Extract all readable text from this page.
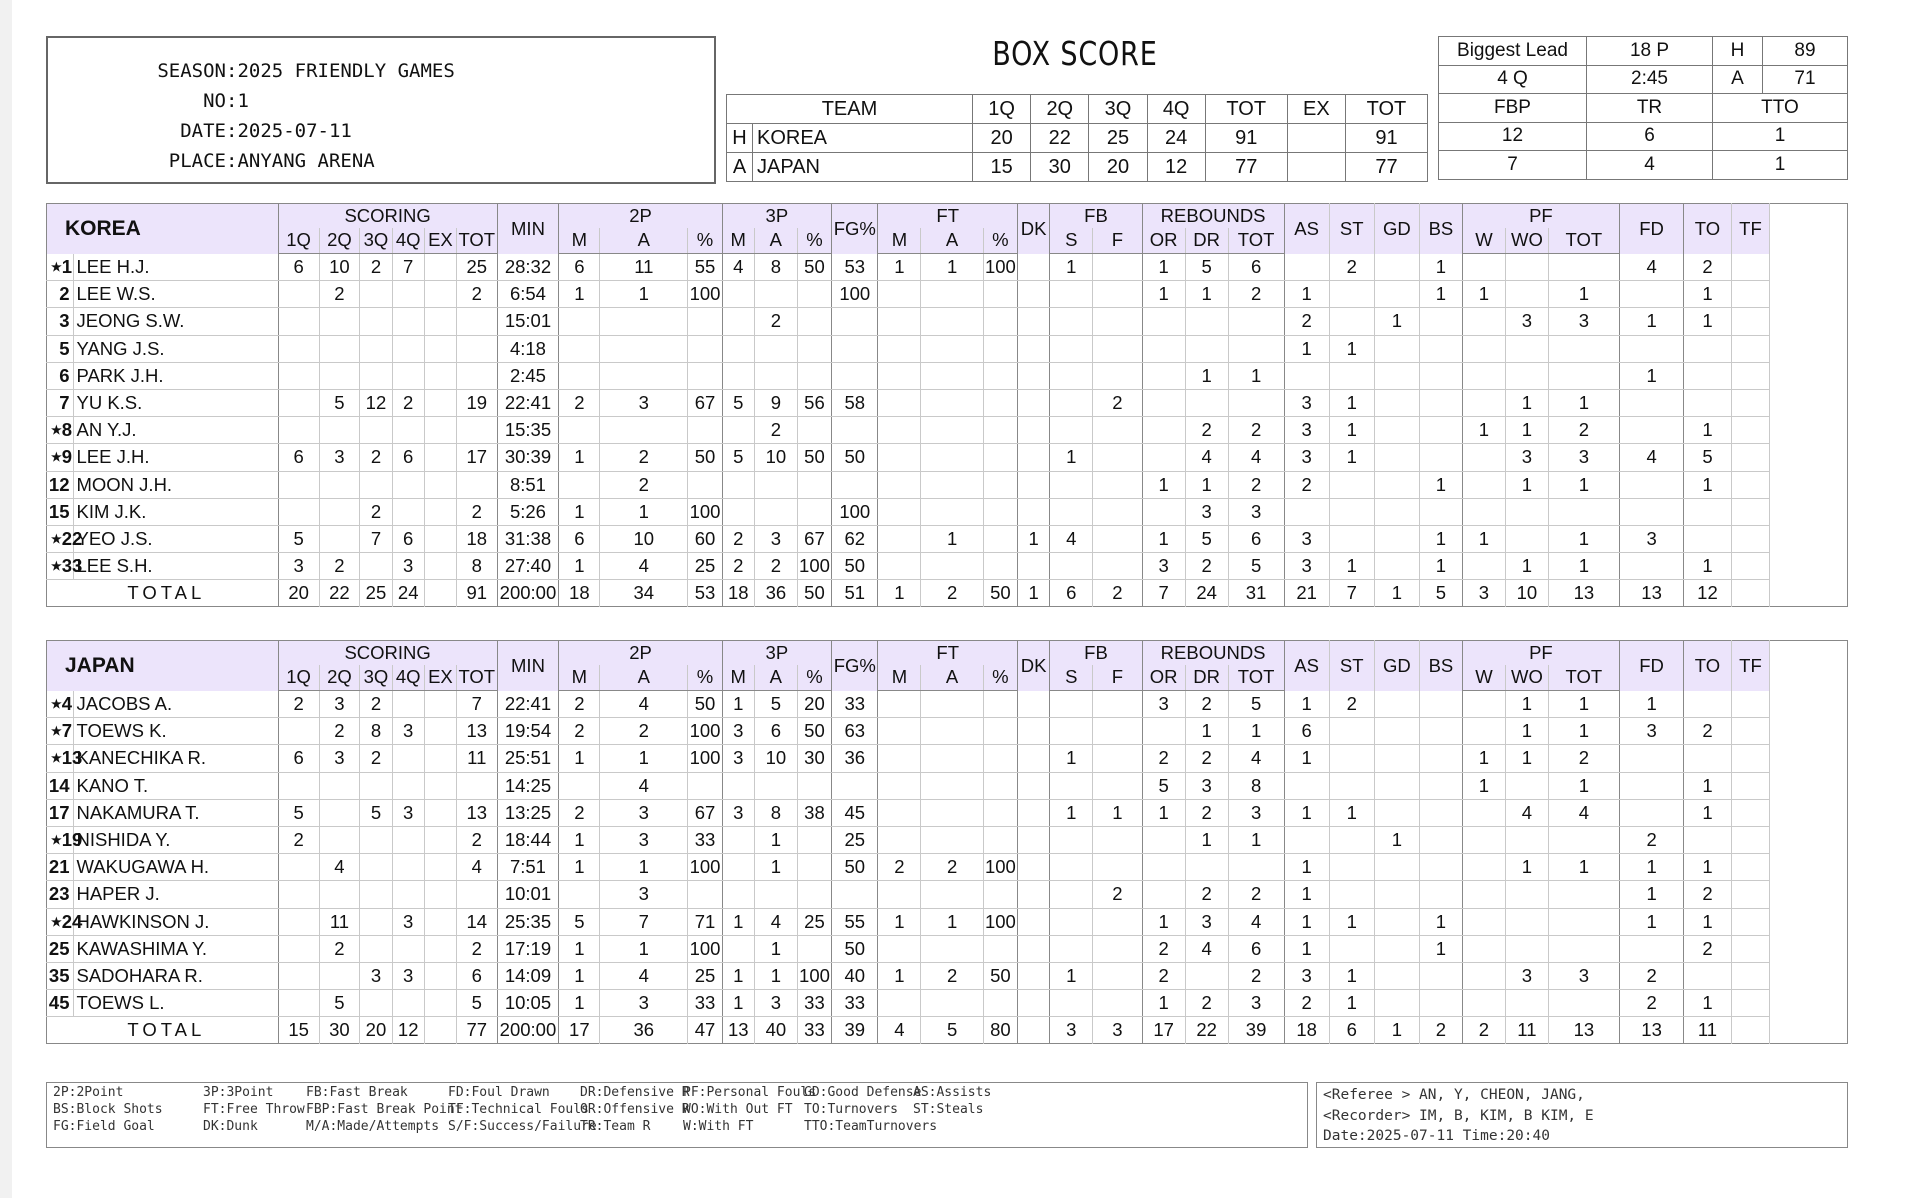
SEASON : 2025 FRIENDLY GAMES
NO : 1
DATE : 2025-07-11
PLACE : ANYANG ARENA
BOX SCORE
TEAM		1Q	2Q	3Q	4Q	TOT	EX	TOT
H	KOREA	20	22	25	24	91		91
A	JAPAN	15	30	20	12	77		77
Biggest Lead	18 P	H	89
4 Q	2:45	A	71
FBP	TR	TTO	
12	6	1	
7	4	1	
KOREA		SCORING						MIN	2P			3P			FG%	FT			DK	FB		REBOUNDS			AS	ST	GD	BS	PF			FD	TO	TF
		1Q	2Q	3Q	4Q	EX	TOT		M	A	%	M	A	%		M	A	%		S	F	OR	DR	TOT					W	WO	TOT			

★ 1	LEE H.J.	6	10	2	7		25	28:32	6	11	55	4	8	50	53	1	1	100		1		1	5	6		2		1				4	2	
2	LEE W.S.		2				2	6:54	1	1	100				100							1	1	2	1			1	1		1		1	
3	JEONG S.W.							15:01					2												2		1			3	3	1	1	
5	YANG J.S.							4:18																	1	1								
6	PARK J.H.							2:45															1	1								1		
7	YU K.S.		5	12	2		19	22:41	2	3	67	5	9	56	58						2				3	1				1	1			

★ 8	AN Y.J.							15:35					2										2	2	3	1			1	1	2		1	

★ 9	LEE J.H.	6	3	2	6		17	30:39	1	2	50	5	10	50	50					1			4	4	3	1				3	3	4	5	
12	MOON J.H.							8:51		2												1	1	2	2			1		1	1		1	
15	KIM J.K.			2			2	5:26	1	1	100				100								3	3										

★ 22	YEO J.S.	5		7	6		18	31:38	6	10	60	2	3	67	62		1		1	4		1	5	6	3			1	1		1	3		

★ 33	LEE S.H.	3	2		3		8	27:40	1	4	25	2	2	100	50							3	2	5	3	1		1		1	1		1	
TOTAL		20	22	25	24		91	200:00	18	34	53	18	36	50	51	1	2	50	1	6	2	7	24	31	21	7	1	5	3	10	13	13	12	
JAPAN		SCORING						MIN	2P			3P			FG%	FT			DK	FB		REBOUNDS			AS	ST	GD	BS	PF			FD	TO	TF
		1Q	2Q	3Q	4Q	EX	TOT		M	A	%	M	A	%		M	A	%		S	F	OR	DR	TOT					W	WO	TOT			

★ 4	JACOBS A.	2	3	2			7	22:41	2	4	50	1	5	20	33							3	2	5	1	2				1	1	1		

★ 7	TOEWS K.		2	8	3		13	19:54	2	2	100	3	6	50	63								1	1	6					1	1	3	2	

★ 13	KANECHIKA R.	6	3	2			11	25:51	1	1	100	3	10	30	36					1		2	2	4	1				1	1	2			
14	KANO T.							14:25		4												5	3	8					1		1		1	
17	NAKAMURA T.	5		5	3		13	13:25	2	3	67	3	8	38	45					1	1	1	2	3	1	1				4	4		1	

★ 19	NISHIDA Y.	2					2	18:44	1	3	33		1		25								1	1			1					2		
21	WAKUGAWA H.		4				4	7:51	1	1	100		1		50	2	2	100							1					1	1	1	1	
23	HAPER J.							10:01		3											2		2	2	1							1	2	

★ 24	HAWKINSON J.		11		3		14	25:35	5	7	71	1	4	25	55	1	1	100				1	3	4	1	1		1				1	1	
25	KAWASHIMA Y.		2				2	17:19	1	1	100		1		50							2	4	6	1			1					2	
35	SADOHARA R.			3	3		6	14:09	1	4	25	1	1	100	40	1	2	50		1		2		2	3	1				3	3	2		
45	TOEWS L.		5				5	10:05	1	3	33	1	3	33	33							1	2	3	2	1						2	1	
TOTAL		15	30	20	12		77	200:00	17	36	47	13	40	33	39	4	5	80		3	3	17	22	39	18	6	1	2	2	11	13	13	11	
2P:2Point
BS:Block Shots
FG:Field Goal
3P:3Point
FT:Free Throw
DK:Dunk
FB:Fast Break
FBP:Fast Break Point
M/A:Made/Attempts
FD:Foul Drawn
TF:Technical Fouls
S/F:Success/Failure
DR:Defensive R
OR:Offensive R
TR:Team R
PF:Personal Fouls
WO:With Out FT
W:With FT
GD:Good Defense
TO:Turnovers
TTO:TeamTurnovers
AS:Assists
ST:Steals
<Referee > AN, Y, CHEON, JANG,
<Recorder> IM, B, KIM, B KIM, E
Date:2025-07-11 Time:20:40
